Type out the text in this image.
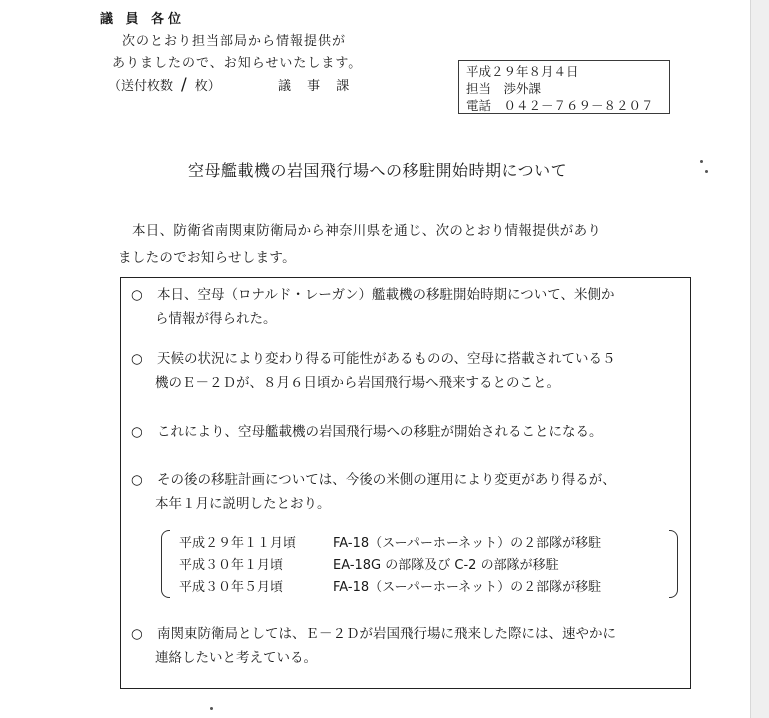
議 員 各位
次のとおり担当部局から情報提供が
ありましたので、お知らせいたします。
（送付枚数 / 枚）	議 事 課
平成２９年８月４日
担当　渉外課
電話　０４２－７６９－８２０７
空母艦載機の岩国飛行場への移駐開始時期について
本日、防衛省南関東防衛局から神奈川県を通じ、次のとおり情報提供があり
ましたのでお知らせします。
○ 本日、空母（ロナルド・レーガン）艦載機の移駐開始時期について、米側か
ら情報が得られた。
○ 天候の状況により変わり得る可能性があるものの、空母に搭載されている５
機のＥ－２Ｄが、８月６日頃から岩国飛行場へ飛来するとのこと。
○ これにより、空母艦載機の岩国飛行場への移駐が開始されることになる。
○ その後の移駐計画については、今後の米側の運用により変更があり得るが、
本年１月に説明したとおり。
平成２９年１１月頃	FA-18（スーパーホーネット）の２部隊が移駐
平成３０年１月頃	EA-18G の部隊及び C-2 の部隊が移駐
平成３０年５月頃	FA-18（スーパーホーネット）の２部隊が移駐
○ 南関東防衛局としては、Ｅ－２Ｄが岩国飛行場に飛来した際には、速やかに
連絡したいと考えている。
